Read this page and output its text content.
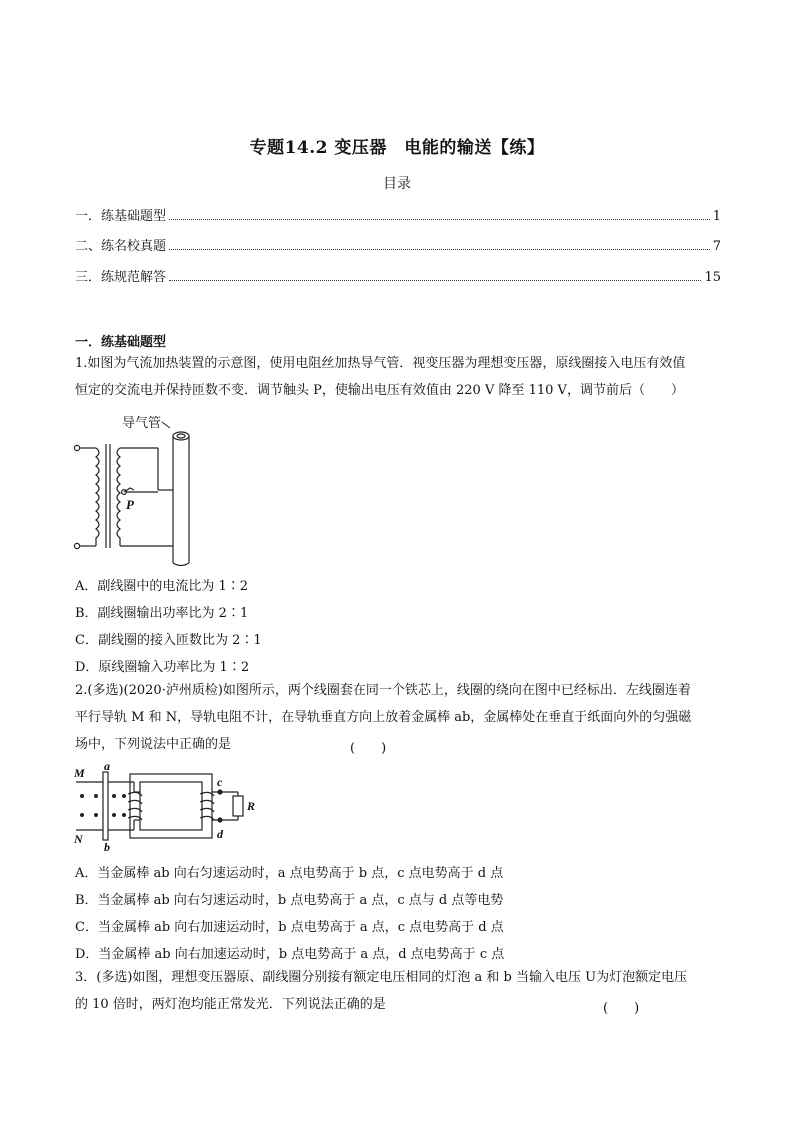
专题14.2 变压器　电能的输送【练】
目录
一．练基础题型	1
二、练名校真题	7
三．练规范解答	15
一．练基础题型
1.如图为气流加热装置的示意图，使用电阻丝加热导气管．视变压器为理想变压器，原线圈接入电压有效值
恒定的交流电并保持匝数不变．调节触头 P，使输出电压有效值由 220 V 降至 110 V，调节前后（　　）
导气管
P
A．副线圈中的电流比为 1∶2
B．副线圈输出功率比为 2∶1
C．副线圈的接入匝数比为 2∶1
D．原线圈输入功率比为 1∶2
2.(多选)(2020·泸州质检)如图所示，两个线圈套在同一个铁芯上，线圈的绕向在图中已经标出．左线圈连着
平行导轨 M 和 N，导轨电阻不计，在导轨垂直方向上放着金属棒 ab，金属棒处在垂直于纸面向外的匀强磁
场中，下列说法中正确的是	(　　)
M
N
a
b
c
d
R
A．当金属棒 ab 向右匀速运动时，a 点电势高于 b 点，c 点电势高于 d 点
B．当金属棒 ab 向右匀速运动时，b 点电势高于 a 点，c 点与 d 点等电势
C．当金属棒 ab 向右加速运动时，b 点电势高于 a 点，c 点电势高于 d 点
D．当金属棒 ab 向右加速运动时，b 点电势高于 a 点，d 点电势高于 c 点
3．(多选)如图，理想变压器原、副线圈分别接有额定电压相同的灯泡 a 和 b 当输入电压 U为灯泡额定电压
的 10 倍时，两灯泡均能正常发光．下列说法正确的是	(　　)
